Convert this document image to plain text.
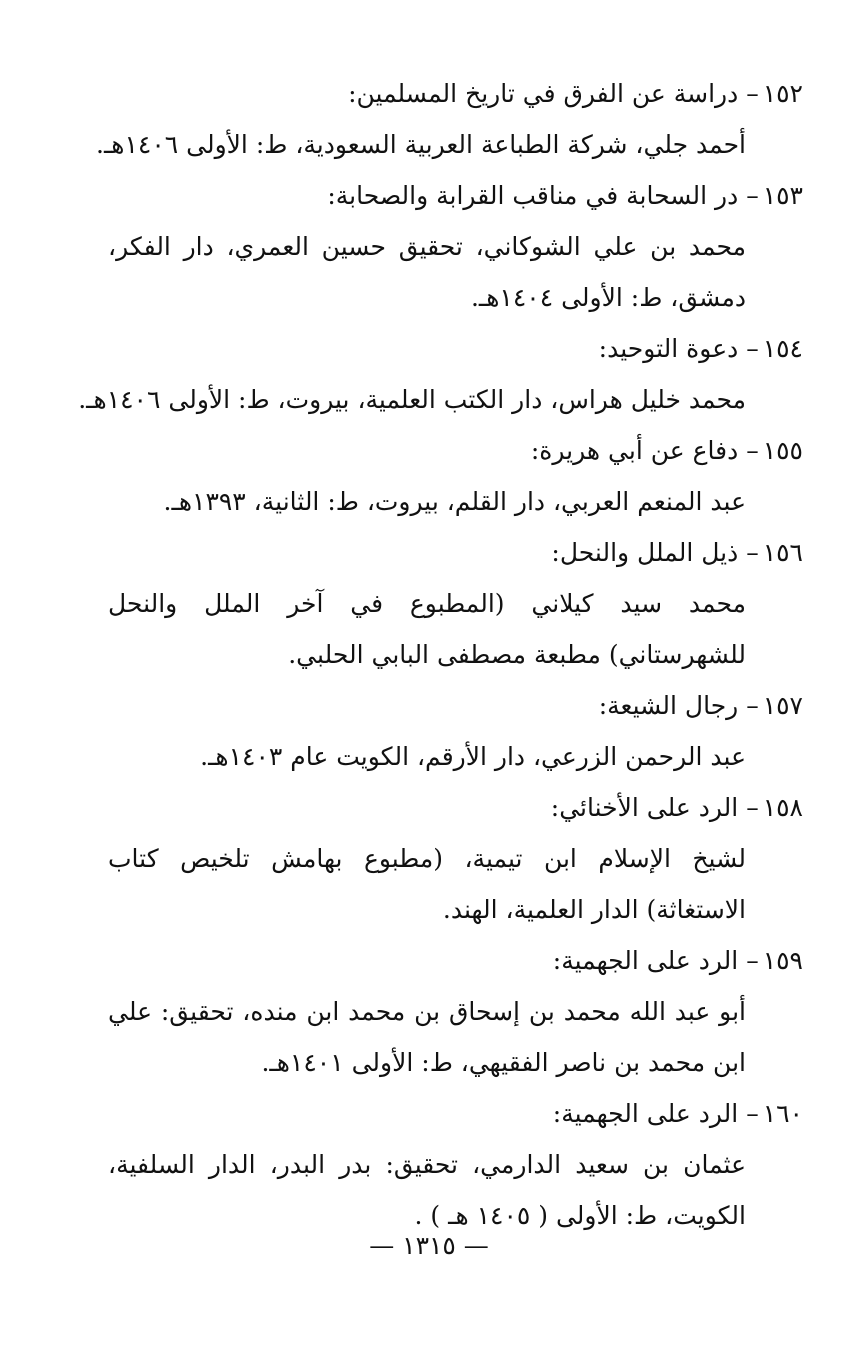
١٥٢– دراسة عن الفرق في تاريخ المسلمين:
أحمد جلي، شركة الطباعة العربية السعودية، ط: الأولى ١٤٠٦هـ.
١٥٣– در السحابة في مناقب القرابة والصحابة:
محمد بن علي الشوكاني، تحقيق حسين العمري، دار الفكر، دمشق، ط: الأولى ١٤٠٤هـ.
١٥٤– دعوة التوحيد:
محمد خليل هراس، دار الكتب العلمية، بيروت، ط: الأولى ١٤٠٦هـ.
١٥٥– دفاع عن أبي هريرة:
عبد المنعم العربي، دار القلم، بيروت، ط: الثانية، ١٣٩٣هـ.
١٥٦– ذيل الملل والنحل:
محمد سيد كيلاني (المطبوع في آخر الملل والنحل للشهرستاني) مطبعة مصطفى البابي الحلبي.
١٥٧– رجال الشيعة:
عبد الرحمن الزرعي، دار الأرقم، الكويت عام ١٤٠٣هـ.
١٥٨– الرد على الأخنائي:
لشيخ الإسلام ابن تيمية، (مطبوع بهامش تلخيص كتاب الاستغاثة) الدار العلمية، الهند.
١٥٩– الرد على الجهمية:
أبو عبد الله محمد بن إسحاق بن محمد ابن منده، تحقيق: علي ابن محمد بن ناصر الفقيهي، ط: الأولى ١٤٠١هـ.
١٦٠– الرد على الجهمية:
عثمان بن سعيد الدارمي، تحقيق: بدر البدر، الدار السلفية، الكويت، ط: الأولى ( ١٤٠٥ هـ ) .
— ١٣١٥ —
